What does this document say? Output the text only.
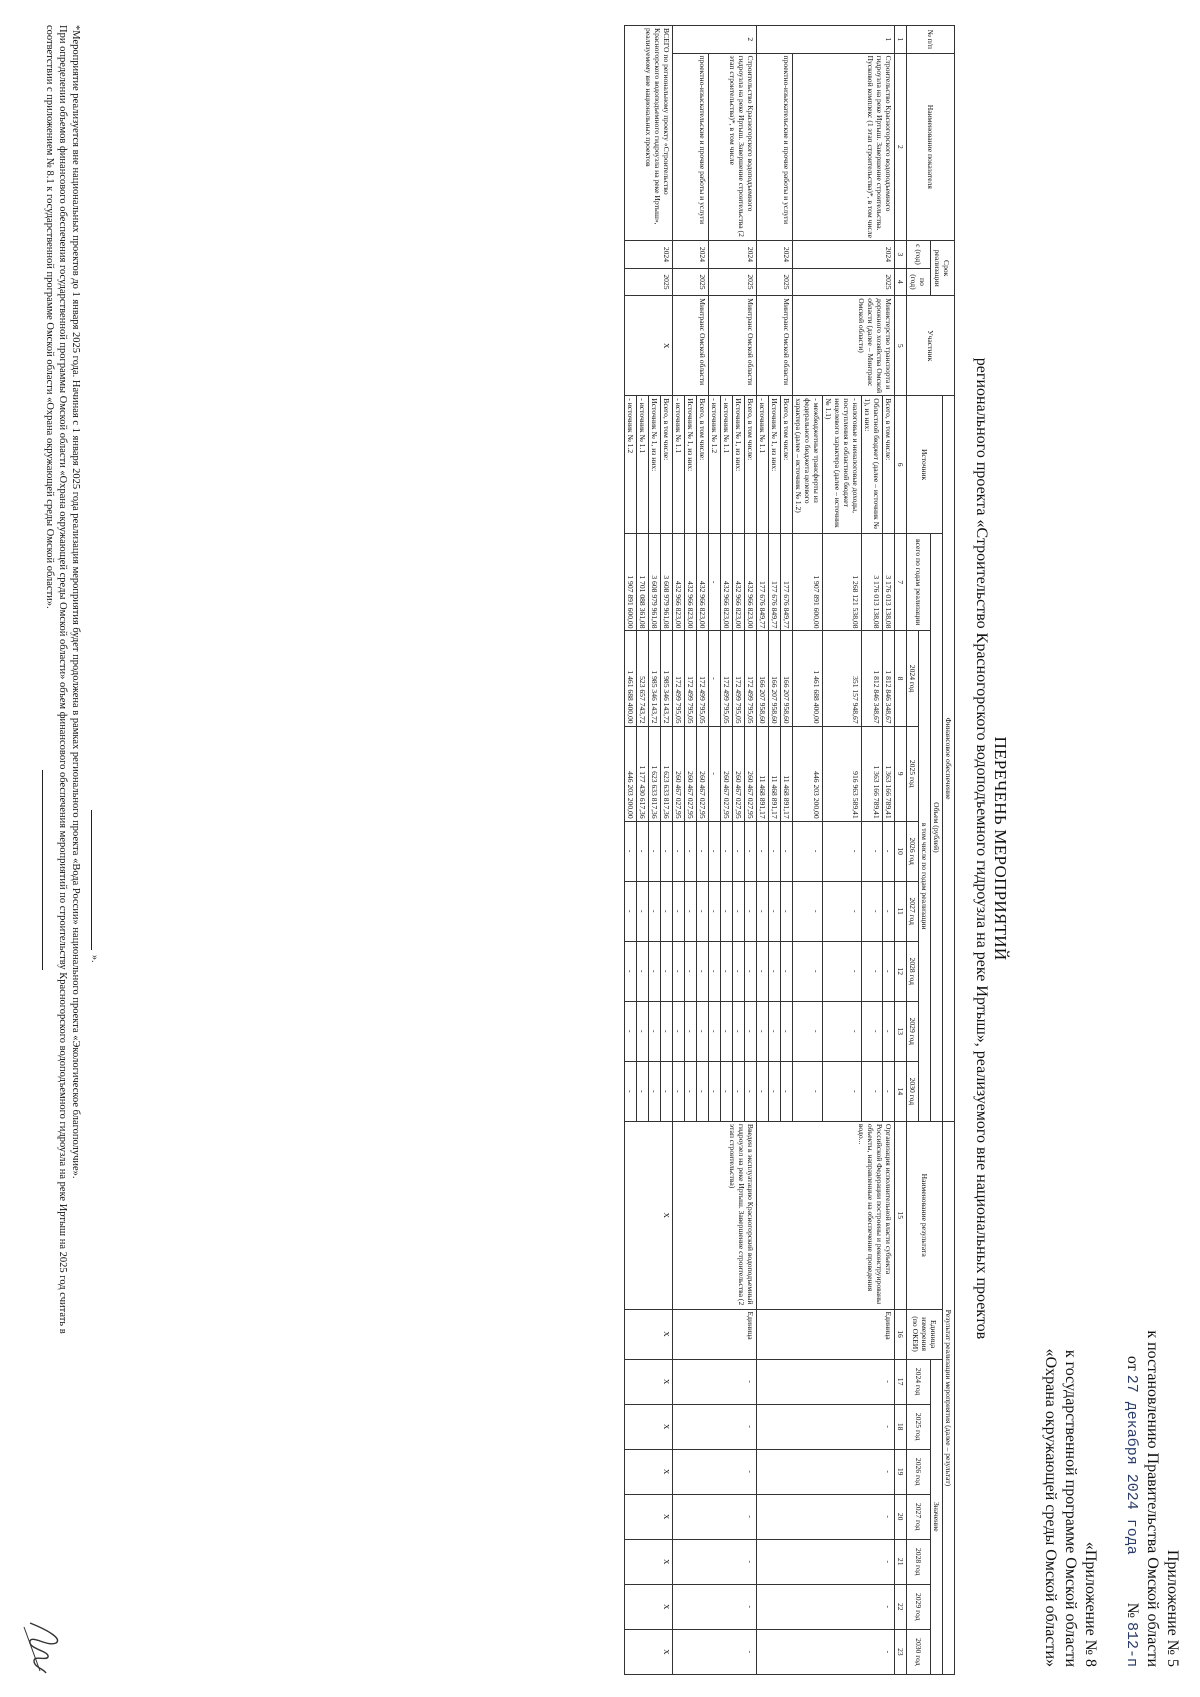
Приложение № 5
к постановлению Правительства Омской области
от 27 декабря 2024 года  № 812-п
«Приложение № 8
к государственной программе Омской области
«Охрана окружающей среды Омской области»
ПЕРЕЧЕНЬ МЕРОПРИЯТИЙ
регионального проекта «Строительство Красногорского водоподъемного гидроузла на реке Иртыш», реализуемого вне национальных проектов
№ п/п	Наименование показателя	Срок реализации		Участник	Финансовое обеспечение									Результат реализации мероприятия (далее – результат)								
					Источник	Объем (рублей)								Наименование результата	Единица измерения (по ОКЕИ)	Значение						
		с (год)	по (год)			всего по годам реализации	в том числе по годам реализации									2024 год	2025 год	2026 год	2027 год	2028 год	2029 год	2030 год
							2024 год	2025 год	2026 год	2027 год	2028 год	2029 год	2030 год									
1	2	3	4	5	6	7	8	9	10	11	12	13	14	15	16	17	18	19	20	21	22	23
1	Строительство Красногорского водоподъемного гидроузла на реке Иртыш. Завершение строительства. Пусковой комплекс (1 этап строительства)*, в том числе	2024	2025	Министерство транспорта и дорожного хозяйства Омской области (далее – Минтранс Омской области)	Всего, в том числе:	3 176 013 138,08	1 812 846 348,67	1 363 166 789,41	-	-	-	-	-	Организация исполнительной власти субъекта Российской Федерации построены и реконструированы объекты, направленные на обеспечение проведения водо...	Единица	-	-	-	-	-	-	-
					Областной бюджет (далее – источник № 1), из них:	3 176 013 138,08	1 812 846 348,67	1 363 166 789,41	-	-	-	-	-									
					- налоговые и неналоговые доходы, поступления в областной бюджет нецелевого характера (далее – источник № 1.1)	1 268 121 538,08	351 157 948,67	916 963 589,41	-	-	-	-	-									
					- межбюджетные трансферты из федерального бюджета целевого характера (далее – источник № 1.2)	1 907 891 600,00	1 461 688 400,00	446 203 200,00	-	-	-	-	-									
	проектно-изыскательские и прочие работы и услуги	2024	2025	Минтранс Омской области	Всего, в том числе:	177 676 849,77	166 207 958,60	11 468 891,17	-	-	-	-	-									
					Источник № 1, из них:	177 676 849,77	166 207 958,60	11 468 891,17	-	-	-	-	-									
					- источник № 1.1	177 676 849,77	166 207 958,60	11 468 891,17	-	-	-	-	-									
2	Строительство Красногорского водоподъемного гидроузла на реке Иртыш. Завершение строительства (2 этап строительства)*, в том числе	2024	2025	Минтранс Омской области	Всего, в том числе:	432 966 823,00	172 499 795,05	260 467 027,95	-	-	-	-	-	Введен в эксплуатацию Красногорский водоподъемный гидроузел на реке Иртыш. Завершение строительства (2 этап строительства)	Единица	-	-	-	-	-	-	-
					Источник № 1, из них:	432 966 823,00	172 499 795,05	260 467 027,95	-	-	-	-	-									
					- источник № 1.1	432 966 823,00	172 499 795,05	260 467 027,95	-	-	-	-	-									
					- источник № 1.2	-	-	-	-	-	-	-	-									
	проектно-изыскательские и прочие работы и услуги	2024	2025	Минтранс Омской области	Всего, в том числе:	432 966 823,00	172 499 795,05	260 467 027,95	-	-	-	-	-									
					Источник № 1, из них:	432 966 823,00	172 499 795,05	260 467 027,95	-	-	-	-	-									
					- источник № 1.1	432 966 823,00	172 499 795,05	260 467 027,95	-	-	-	-	-									
ВСЕГО по региональному проекту «Строительство Красногорского водоподъемного гидроузла на реке Иртыш», реализуемому вне национальных проектов		2024	2025	X	Всего, в том числе:	3 608 979 961,08	1 985 346 143,72	1 623 633 817,36	-	-	-	-	-	X	X	X	X	X	X	X	X	X
					Источник № 1, из них:	3 608 979 961,08	1 985 346 143,72	1 623 633 817,36	-	-	-	-	-									
					- источник № 1.1	1 701 088 361,08	523 657 743,72	1 177 430 617,36	-	-	-	-	-									
					- источник № 1.2	1 907 891 600,00	1 461 688 400,00	446 203 200,00	-	-	-	-	-									
».
*Мероприятие реализуется вне национальных проектов до 1 января 2025 года. Начиная с 1 января 2025 года реализация мероприятия будет продолжена в рамках регионального проекта «Вода России» национального проекта «Экологическое благополучие».
При определении объемов финансового обеспечения государственной программы Омской области «Охрана окружающей среды Омской области» объем финансового обеспечения мероприятий по строительству Красногорского водоподъемного гидроузла на реке Иртыш на 2025 год считать в
соответствии с приложением № 8.1 к государственной программе Омской области «Охрана окружающей среды Омской области».
